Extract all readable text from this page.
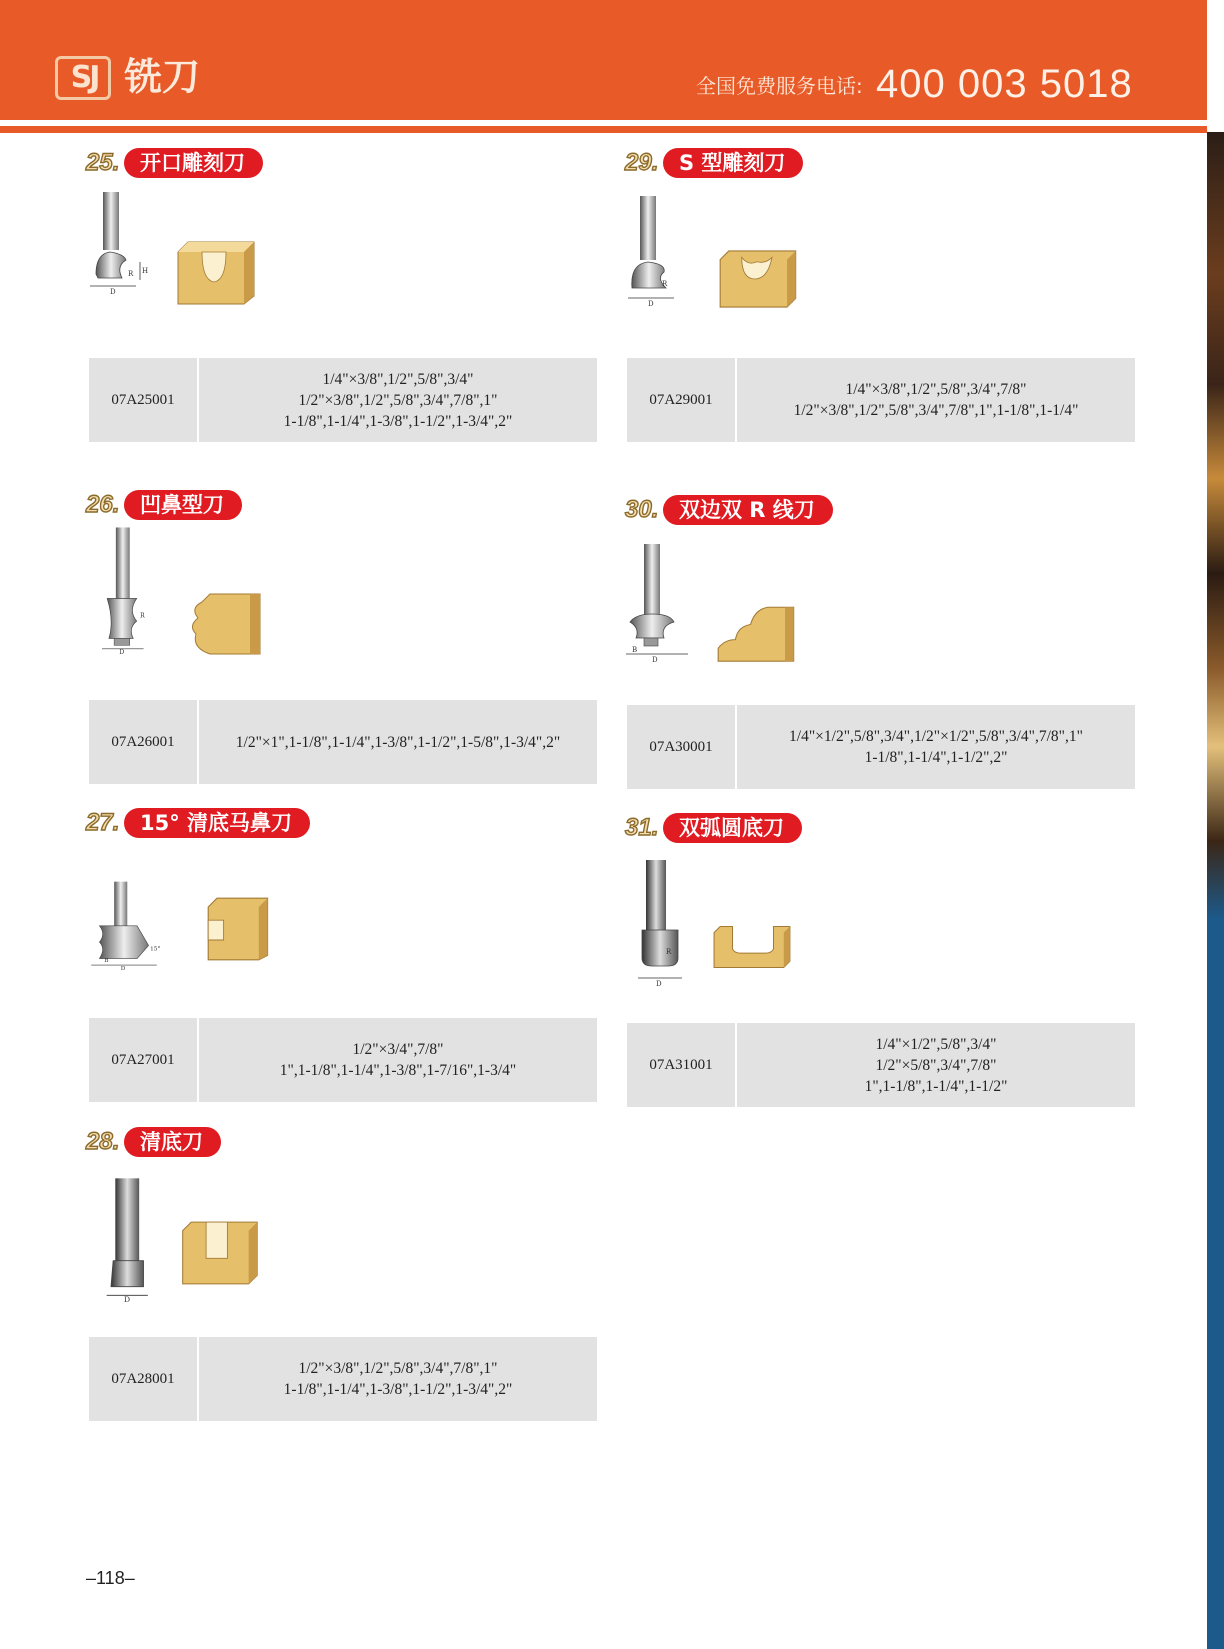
SJ 铣刀	全国免费服务电话: 400 003 5018
25. 开口雕刻刀
D
R H
07A25001
1/4"×3/8",1/2",5/8",3/4"
1/2"×3/8",1/2",5/8",3/4",7/8",1"
1-1/8",1-1/4",1-3/8",1-1/2",1-3/4",2"
26. 凹鼻型刀
D
R
07A26001	1/2"×1",1-1/8",1-1/4",1-3/8",1-1/2",1-5/8",1-3/4",2"
27. 15° 清底马鼻刀
15°
B
D
07A27001
1/2"×3/4",7/8"
1",1-1/8",1-1/4",1-3/8",1-7/16",1-3/4"
28. 清底刀
D
07A28001
1/2"×3/8",1/2",5/8",3/4",7/8",1"
1-1/8",1-1/4",1-3/8",1-1/2",1-3/4",2"
29. S 型雕刻刀
D
R
07A29001
1/4"×3/8",1/2",5/8",3/4",7/8"
1/2"×3/8",1/2",5/8",3/4",7/8",1",1-1/8",1-1/4"
30. 双边双 R 线刀
B
D
07A30001
1/4"×1/2",5/8",3/4",1/2"×1/2",5/8",3/4",7/8",1"
1-1/8",1-1/4",1-1/2",2"
31. 双弧圆底刀
D
R
07A31001
1/4"×1/2",5/8",3/4"
1/2"×5/8",3/4",7/8"
1",1-1/8",1-1/4",1-1/2"
–118–
